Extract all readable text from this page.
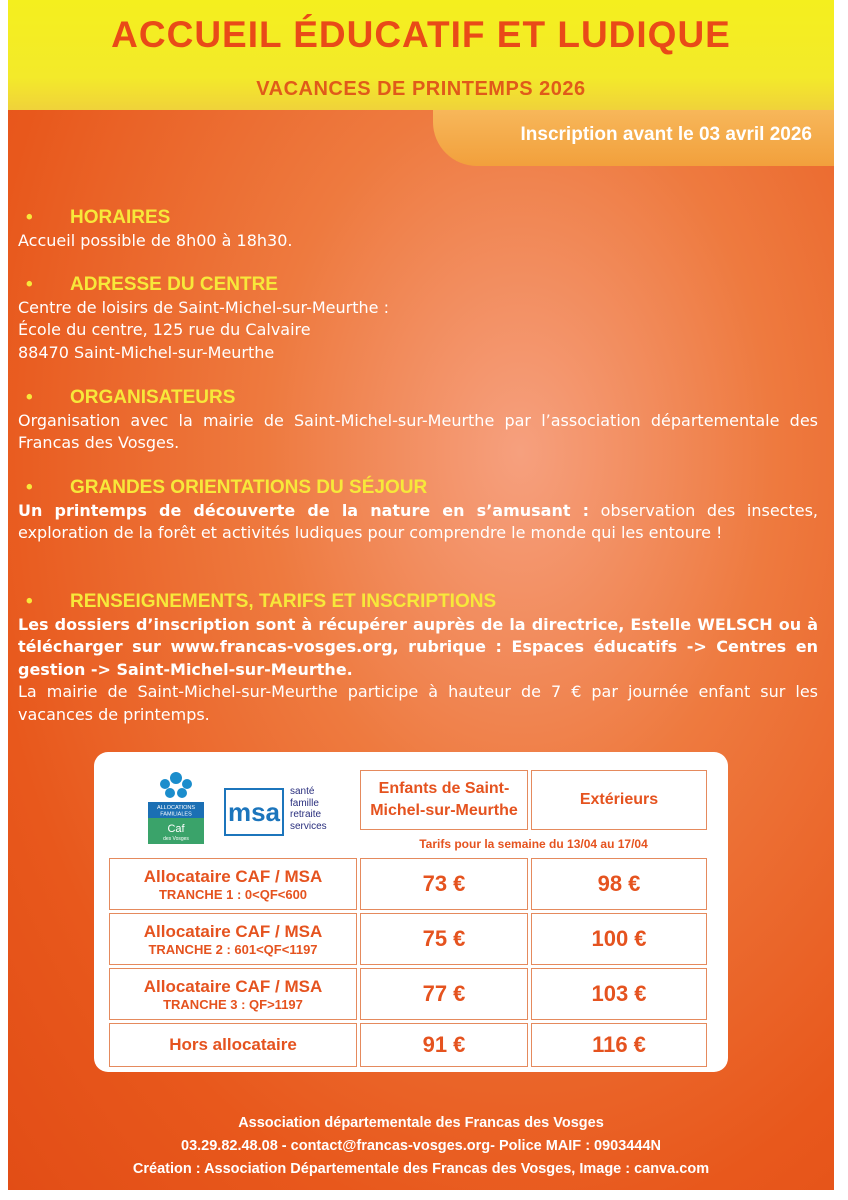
ACCUEIL ÉDUCATIF ET LUDIQUE
VACANCES DE PRINTEMPS 2026
Inscription avant le 03 avril 2026
• HORAIRES
Accueil possible de 8h00 à 18h30.
• ADRESSE DU CENTRE
Centre de loisirs de Saint-Michel-sur-Meurthe :
École du centre, 125 rue du Calvaire
88470 Saint-Michel-sur-Meurthe
• ORGANISATEURS
Organisation avec la mairie de Saint-Michel-sur-Meurthe par l’association départementale des Francas des Vosges.
• GRANDES ORIENTATIONS DU SÉJOUR
Un printemps de découverte de la nature en s’amusant : observation des insectes, exploration de la forêt et activités ludiques pour comprendre le monde qui les entoure !
• RENSEIGNEMENTS, TARIFS ET INSCRIPTIONS
Les dossiers d’inscription sont à récupérer auprès de la directrice, Estelle WELSCH ou à télécharger sur www.francas-vosges.org, rubrique : Espaces éducatifs -> Centres en gestion -> Saint-Michel-sur-Meurthe.
La mairie de Saint-Michel-sur-Meurthe participe à hauteur de 7 € par journée enfant sur les vacances de printemps.
ALLOCATIONS
FAMILIALES
Caf
des Vosges
msa
santé
famille
retraite
services
	Enfants de Saint-Michel-sur-Meurthe	Extérieurs
	Tarifs pour la semaine du 13/04 au 17/04	

Allocataire CAF / MSA
TRANCHE 1 : 0<QF<600	73 €	98 €

Allocataire CAF / MSA
TRANCHE 2 : 601<QF<1197	75 €	100 €

Allocataire CAF / MSA
TRANCHE 3 : QF>1197	77 €	103 €

Hors allocataire	91 €	116 €
Association départementale des Francas des Vosges
03.29.82.48.08 - contact@francas-vosges.org- Police MAIF : 0903444N
Création : Association Départementale des Francas des Vosges, Image : canva.com
